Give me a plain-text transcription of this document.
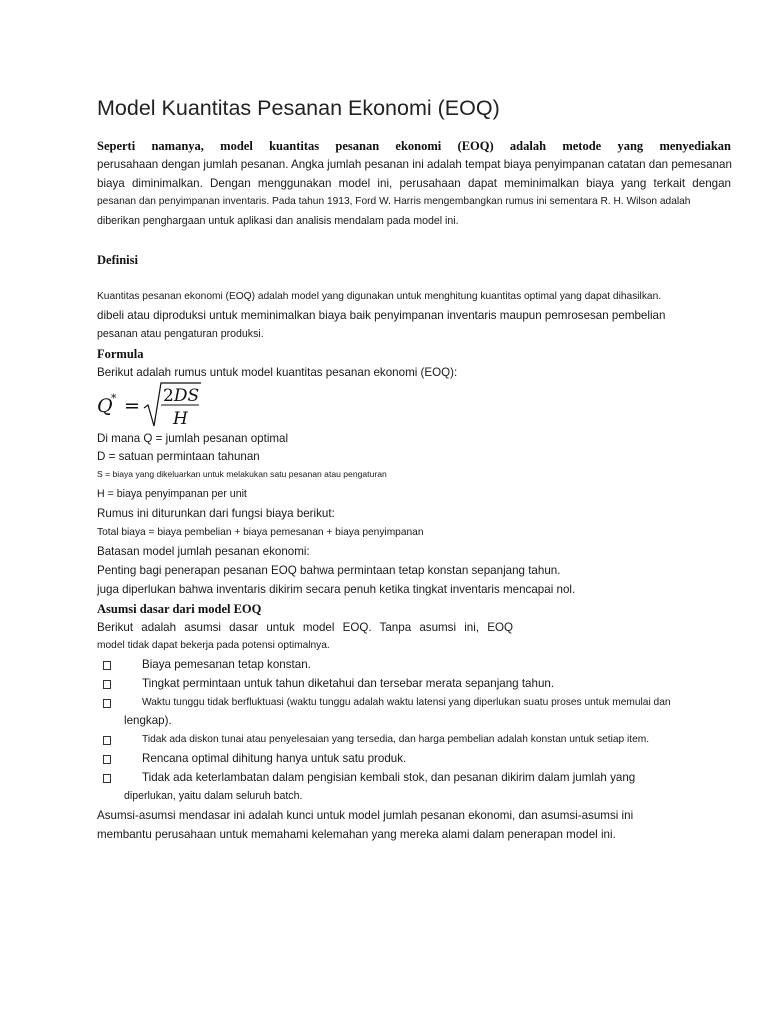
Model Kuantitas Pesanan Ekonomi (EOQ)
Seperti namanya, model kuantitas pesanan ekonomi (EOQ) adalah metode yang menyediakan
perusahaan dengan jumlah pesanan. Angka jumlah pesanan ini adalah tempat biaya penyimpanan catatan dan pemesanan
biaya diminimalkan. Dengan menggunakan model ini, perusahaan dapat meminimalkan biaya yang terkait dengan
pesanan dan penyimpanan inventaris. Pada tahun 1913, Ford W. Harris mengembangkan rumus ini sementara R. H. Wilson adalah
diberikan penghargaan untuk aplikasi dan analisis mendalam pada model ini.
Definisi
Kuantitas pesanan ekonomi (EOQ) adalah model yang digunakan untuk menghitung kuantitas optimal yang dapat dihasilkan.
dibeli atau diproduksi untuk meminimalkan biaya baik penyimpanan inventaris maupun pemrosesan pembelian
pesanan atau pengaturan produksi.
Formula
Berikut adalah rumus untuk model kuantitas pesanan ekonomi (EOQ):
Q
* = 2DS
H
Di mana Q = jumlah pesanan optimal
D = satuan permintaan tahunan
S = biaya yang dikeluarkan untuk melakukan satu pesanan atau pengaturan
H = biaya penyimpanan per unit
Rumus ini diturunkan dari fungsi biaya berikut:
Total biaya = biaya pembelian + biaya pemesanan + biaya penyimpanan
Batasan model jumlah pesanan ekonomi:
Penting bagi penerapan pesanan EOQ bahwa permintaan tetap konstan sepanjang tahun.
juga diperlukan bahwa inventaris dikirim secara penuh ketika tingkat inventaris mencapai nol.
Asumsi dasar dari model EOQ
Berikut adalah asumsi dasar untuk model EOQ. Tanpa asumsi ini, EOQ
model tidak dapat bekerja pada potensi optimalnya.
Biaya pemesanan tetap konstan.
Tingkat permintaan untuk tahun diketahui dan tersebar merata sepanjang tahun.
Waktu tunggu tidak berfluktuasi (waktu tunggu adalah waktu latensi yang diperlukan suatu proses untuk memulai dan
lengkap).
Tidak ada diskon tunai atau penyelesaian yang tersedia, dan harga pembelian adalah konstan untuk setiap item.
Rencana optimal dihitung hanya untuk satu produk.
Tidak ada keterlambatan dalam pengisian kembali stok, dan pesanan dikirim dalam jumlah yang
diperlukan, yaitu dalam seluruh batch.
Asumsi-asumsi mendasar ini adalah kunci untuk model jumlah pesanan ekonomi, dan asumsi-asumsi ini
membantu perusahaan untuk memahami kelemahan yang mereka alami dalam penerapan model ini.
